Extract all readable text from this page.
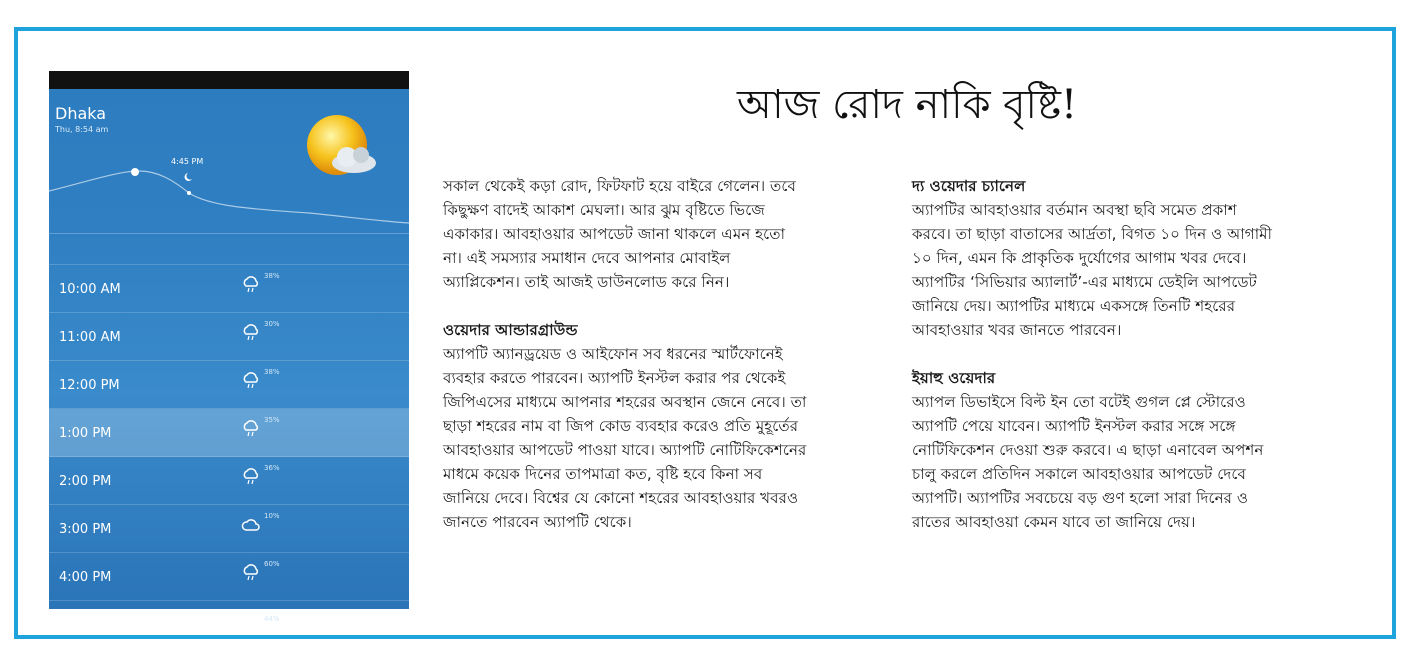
Dhaka
Thu, 8:54 am
4:45 PM
10:00 AM
38%
11:00 AM
30%
12:00 PM
38%
1:00 PM
35%
2:00 PM
36%
3:00 PM
10%
4:00 PM
60%
44%
আজ রোদ নাকি বৃষ্টি!

সকাল থেকেই কড়া রোদ, ফিটফাট হয়ে বাইরে গেলেন। তবে

কিছুক্ষণ বাদেই আকাশ মেঘলা। আর ঝুম বৃষ্টিতে ভিজে

একাকার। আবহাওয়ার আপডেট জানা থাকলে এমন হতো

না। এই সমস্যার সমাধান দেবে আপনার মোবাইল

অ্যাপ্লিকেশন। তাই আজই ডাউনলোড করে নিন।

ওয়েদার আন্ডারগ্রাউন্ড

অ্যাপটি অ্যানড্রয়েড ও আইফোন সব ধরনের স্মার্টফোনেই

ব্যবহার করতে পারবেন। অ্যাপটি ইনস্টল করার পর থেকেই

জিপিএসের মাধ্যমে আপনার শহরের অবস্থান জেনে নেবে। তা

ছাড়া শহরের নাম বা জিপ কোড ব্যবহার করেও প্রতি মুহূর্তের

আবহাওয়ার আপডেট পাওয়া যাবে। অ্যাপটি নোটিফিকেশনের

মাধমে কয়েক দিনের তাপমাত্রা কত, বৃষ্টি হবে কিনা সব

জানিয়ে দেবে। বিশ্বের যে কোনো শহরের আবহাওয়ার খবরও

জানতে পারবেন অ্যাপটি থেকে।

দ্য ওয়েদার চ্যানেল

অ্যাপটির আবহাওয়ার বর্তমান অবস্থা ছবি সমেত প্রকাশ

করবে। তা ছাড়া বাতাসের আর্দ্রতা, বিগত ১০ দিন ও আগামী

১০ দিন, এমন কি প্রাকৃতিক দুর্যোগের আগাম খবর দেবে।

অ্যাপটির ‘সিভিয়ার অ্যালার্ট’-এর মাধ্যমে ডেইলি আপডেট

জানিয়ে দেয়। অ্যাপটির মাধ্যমে একসঙ্গে তিনটি শহরের

আবহাওয়ার খবর জানতে পারবেন।

ইয়াহু ওয়েদার

অ্যাপল ডিভাইসে বিল্ট ইন তো বটেই গুগল প্লে স্টোরেও

অ্যাপটি পেয়ে যাবেন। অ্যাপটি ইনস্টল করার সঙ্গে সঙ্গে

নোটিফিকেশন দেওয়া শুরু করবে। এ ছাড়া এনাবেল অপশন

চালু করলে প্রতিদিন সকালে আবহাওয়ার আপডেট দেবে

অ্যাপটি। অ্যাপটির সবচেয়ে বড় গুণ হলো সারা দিনের ও

রাতের আবহাওয়া কেমন যাবে তা জানিয়ে দেয়।
